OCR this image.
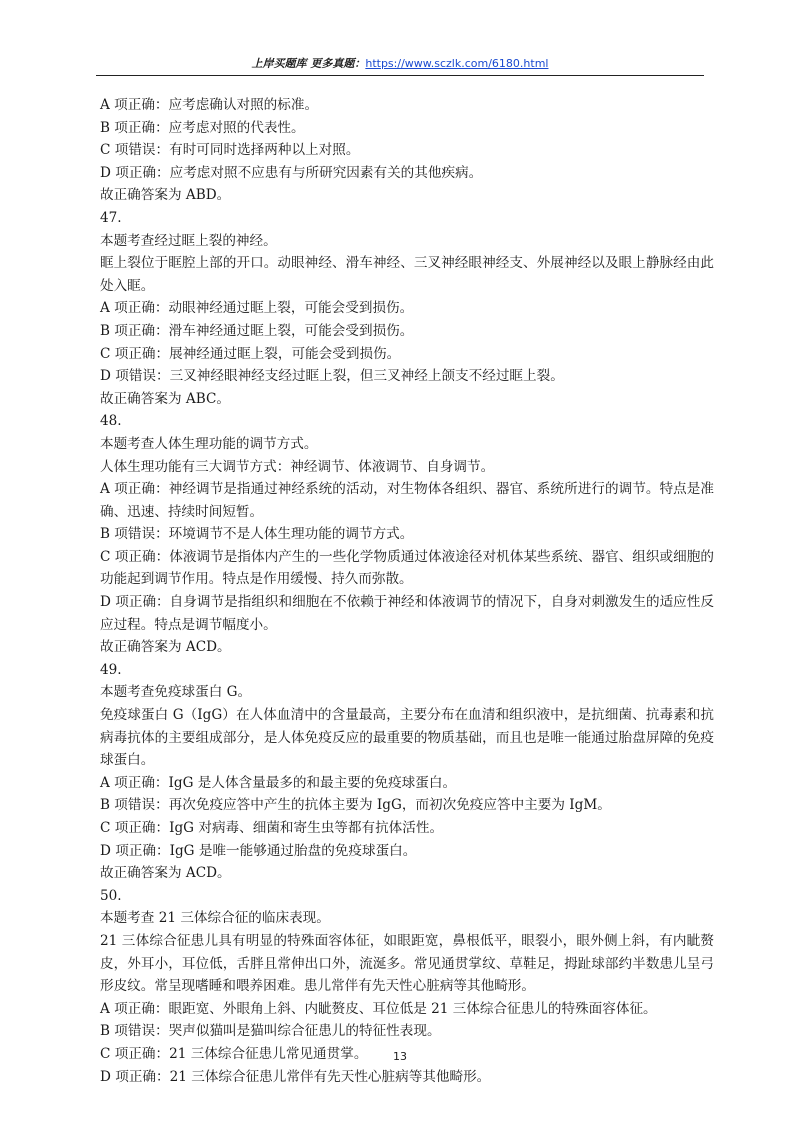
上岸买题库 更多真题：https://www.sczlk.com/6180.html

A 项正确：应考虑确认对照的标准。

B 项正确：应考虑对照的代表性。

C 项错误：有时可同时选择两种以上对照。

D 项正确：应考虑对照不应患有与所研究因素有关的其他疾病。

故正确答案为 ABD。

47.

本题考查经过眶上裂的神经。

眶上裂位于眶腔上部的开口。动眼神经、滑车神经、三叉神经眼神经支、外展神经以及眼上静脉经由此处入眶。

A 项正确：动眼神经通过眶上裂，可能会受到损伤。

B 项正确：滑车神经通过眶上裂，可能会受到损伤。

C 项正确：展神经通过眶上裂，可能会受到损伤。

D 项错误：三叉神经眼神经支经过眶上裂，但三叉神经上颌支不经过眶上裂。

故正确答案为 ABC。

48.

本题考查人体生理功能的调节方式。

人体生理功能有三大调节方式：神经调节、体液调节、自身调节。

A 项正确：神经调节是指通过神经系统的活动，对生物体各组织、器官、系统所进行的调节。特点是准确、迅速、持续时间短暂。

B 项错误：环境调节不是人体生理功能的调节方式。

C 项正确：体液调节是指体内产生的一些化学物质通过体液途径对机体某些系统、器官、组织或细胞的功能起到调节作用。特点是作用缓慢、持久而弥散。

D 项正确：自身调节是指组织和细胞在不依赖于神经和体液调节的情况下，自身对刺激发生的适应性反应过程。特点是调节幅度小。

故正确答案为 ACD。

49.

本题考查免疫球蛋白 G。

免疫球蛋白 G（IgG）在人体血清中的含量最高，主要分布在血清和组织液中，是抗细菌、抗毒素和抗病毒抗体的主要组成部分，是人体免疫反应的最重要的物质基础，而且也是唯一能通过胎盘屏障的免疫球蛋白。

A 项正确：IgG 是人体含量最多的和最主要的免疫球蛋白。

B 项错误：再次免疫应答中产生的抗体主要为 IgG，而初次免疫应答中主要为 IgM。

C 项正确：IgG 对病毒、细菌和寄生虫等都有抗体活性。

D 项正确：IgG 是唯一能够通过胎盘的免疫球蛋白。

故正确答案为 ACD。

50.

本题考查 21 三体综合征的临床表现。

21 三体综合征患儿具有明显的特殊面容体征，如眼距宽，鼻根低平，眼裂小，眼外侧上斜，有内眦赘皮，外耳小，耳位低，舌胖且常伸出口外，流涎多。常见通贯掌纹、草鞋足，拇趾球部约半数患儿呈弓形皮纹。常呈现嗜睡和喂养困难。患儿常伴有先天性心脏病等其他畸形。

A 项正确：眼距宽、外眼角上斜、内眦赘皮、耳位低是 21 三体综合征患儿的特殊面容体征。

B 项错误：哭声似猫叫是猫叫综合征患儿的特征性表现。

C 项正确：21 三体综合征患儿常见通贯掌。

D 项正确：21 三体综合征患儿常伴有先天性心脏病等其他畸形。

13
